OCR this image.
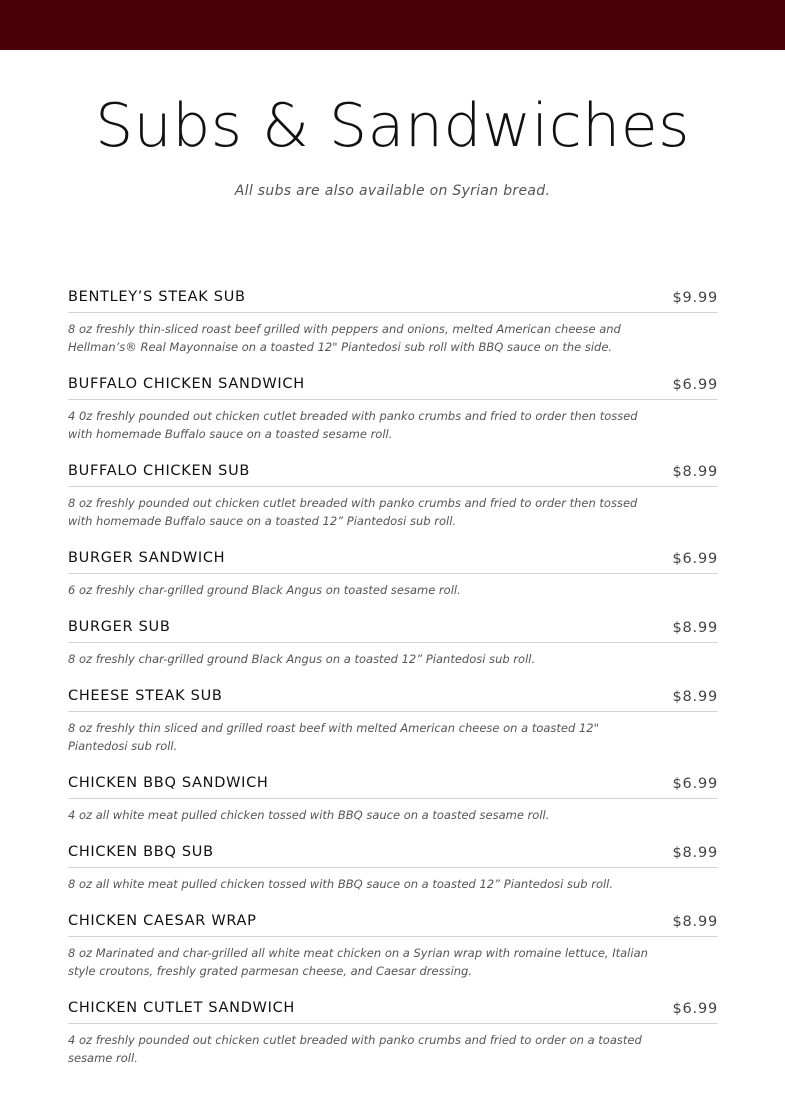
Subs & Sandwiches

All subs are also available on Syrian bread.

BENTLEY’S STEAK SUB	$9.99

8 oz freshly thin-sliced roast beef grilled with peppers and onions, melted American cheese and Hellman’s® Real Mayonnaise on a toasted 12" Piantedosi sub roll with BBQ sauce on the side.

BUFFALO CHICKEN SANDWICH	$6.99

4 0z freshly pounded out chicken cutlet breaded with panko crumbs and fried to order then tossed with homemade Buffalo sauce on a toasted sesame roll.

BUFFALO CHICKEN SUB	$8.99

8 oz freshly pounded out chicken cutlet breaded with panko crumbs and fried to order then tossed with homemade Buffalo sauce on a toasted 12” Piantedosi sub roll.

BURGER SANDWICH	$6.99

6 oz freshly char-grilled ground Black Angus on toasted sesame roll.

BURGER SUB	$8.99

8 oz freshly char-grilled ground Black Angus on a toasted 12” Piantedosi sub roll.

CHEESE STEAK SUB	$8.99

8 oz freshly thin sliced and grilled roast beef with melted American cheese on a toasted 12" Piantedosi sub roll.

CHICKEN BBQ SANDWICH	$6.99

4 oz all white meat pulled chicken tossed with BBQ sauce on a toasted sesame roll.

CHICKEN BBQ SUB	$8.99

8 oz all white meat pulled chicken tossed with BBQ sauce on a toasted 12” Piantedosi sub roll.

CHICKEN CAESAR WRAP	$8.99

8 oz Marinated and char-grilled all white meat chicken on a Syrian wrap with romaine lettuce, Italian style croutons, freshly grated parmesan cheese, and Caesar dressing.

CHICKEN CUTLET SANDWICH	$6.99

4 oz freshly pounded out chicken cutlet breaded with panko crumbs and fried to order on a toasted sesame roll.
